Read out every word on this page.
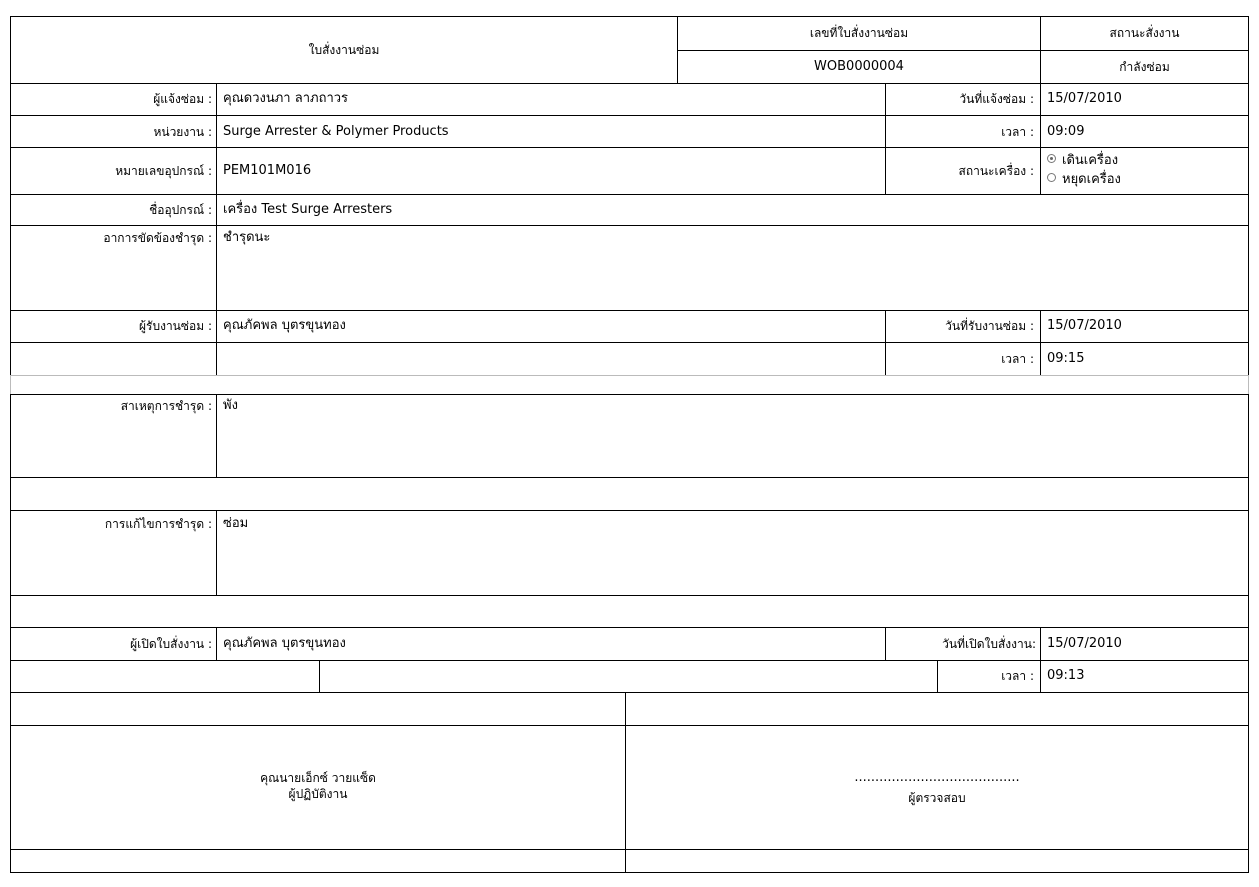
ใบสั่งงานซ่อม
เลขที่ใบสั่งงานซ่อม
WOB0000004
สถานะสั่งงาน
กำลังซ่อม
ผู้แจ้งซ่อม : คุณดวงนภา ลาภถาวร	วันที่แจ้งซ่อม : 15/07/2010
หน่วยงาน : Surge Arrester & Polymer Products	เวลา : 09:09
หมายเลขอุปกรณ์ : PEM101M016	สถานะเครื่อง :
เดินเครื่อง
หยุดเครื่อง
ชื่ออุปกรณ์ : เครื่อง Test Surge Arresters
อาการขัดข้องชำรุด : ชำรุดนะ
ผู้รับงานซ่อม : คุณภัคพล บุตรขุนทอง	วันที่รับงานซ่อม : 15/07/2010
เวลา : 09:15
สาเหตุการชำรุด : พัง
การแก้ไขการชำรุด : ซ่อม
ผู้เปิดใบสั่งงาน : คุณภัคพล บุตรขุนทอง	วันที่เปิดใบสั่งงาน: 15/07/2010
เวลา : 09:13
คุณนายเอ็กซ์ วายแซ็ด
ผู้ปฏิบัติงาน
........................................
ผู้ตรวจสอบ
